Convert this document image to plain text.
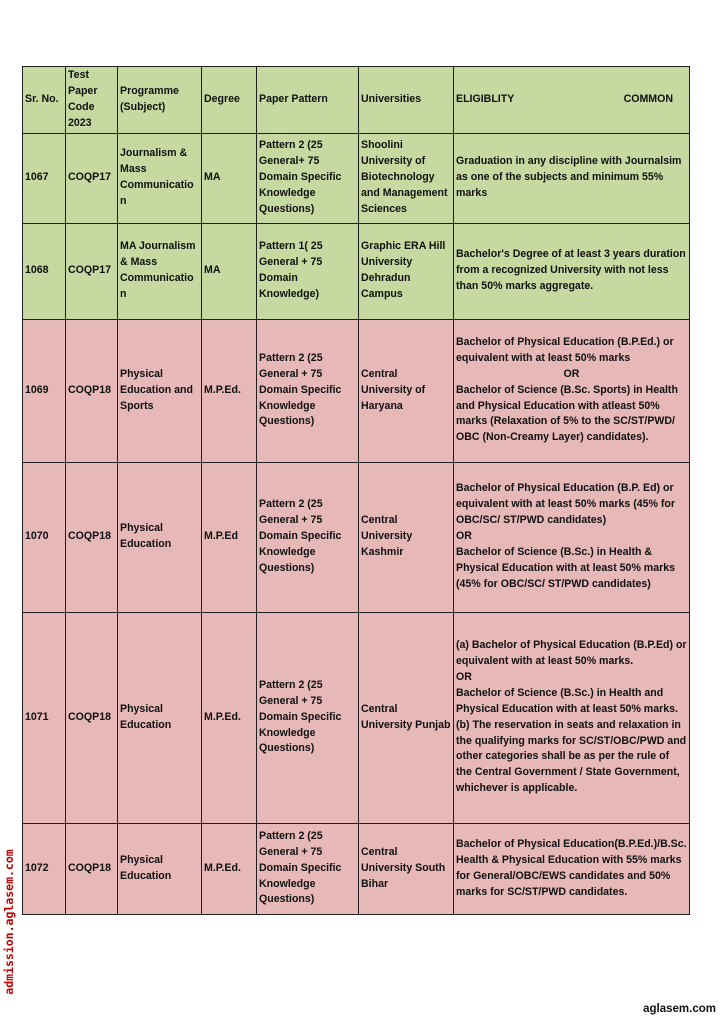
Sr. No.	Test Paper Code 2023	Programme (Subject)	Degree	Paper Pattern	Universities	ELIGIBLITY COMMON

1067	COQP17	Journalism & Mass Communication	MA	Pattern 2 (25 General+ 75 Domain Specific Knowledge Questions)	Shoolini University of Biotechnology and Management Sciences	Graduation in any discipline with Journalsim as one of the subjects and minimum 55% marks

1068	COQP17	MA Journalism & Mass Communication	MA	Pattern 1( 25 General + 75 Domain Knowledge)	Graphic ERA Hill University Dehradun Campus	Bachelor's Degree of at least 3 years duration from a recognized University with not less than 50% marks aggregate.

1069	COQP18	Physical Education and Sports	M.P.Ed.	Pattern 2 (25 General + 75 Domain Specific Knowledge Questions)	Central University of Haryana	Bachelor of Physical Education (B.P.Ed.) or equivalent with at least 50% marks
OR
Bachelor of Science (B.Sc. Sports) in Health and Physical Education with atleast 50% marks (Relaxation of 5% to the SC/ST/PWD/ OBC (Non-Creamy Layer) candidates).

1070	COQP18	Physical Education	M.P.Ed	Pattern 2 (25 General + 75 Domain Specific Knowledge Questions)	Central University Kashmir	Bachelor of Physical Education (B.P. Ed) or equivalent with at least 50% marks (45% for OBC/SC/ ST/PWD candidates)
OR
Bachelor of Science (B.Sc.) in Health & Physical Education with at least 50% marks (45% for OBC/SC/ ST/PWD candidates)

1071	COQP18	Physical Education	M.P.Ed.	Pattern 2 (25 General + 75 Domain Specific Knowledge Questions)	Central University Punjab	(a) Bachelor of Physical Education (B.P.Ed) or equivalent with at least 50% marks.
OR
Bachelor of Science (B.Sc.) in Health and Physical Education with at least 50% marks.
(b) The reservation in seats and relaxation in the qualifying marks for SC/ST/OBC/PWD and other categories shall be as per the rule of the Central Government / State Government, whichever is applicable.

1072	COQP18	Physical Education	M.P.Ed.	Pattern 2 (25 General + 75 Domain Specific Knowledge Questions)	Central University South Bihar	Bachelor of Physical Education(B.P.Ed.)/B.Sc. Health & Physical Education with 55% marks for General/OBC/EWS candidates and 50% marks for SC/ST/PWD candidates.
admission.aglasem.com
aglasem.com
